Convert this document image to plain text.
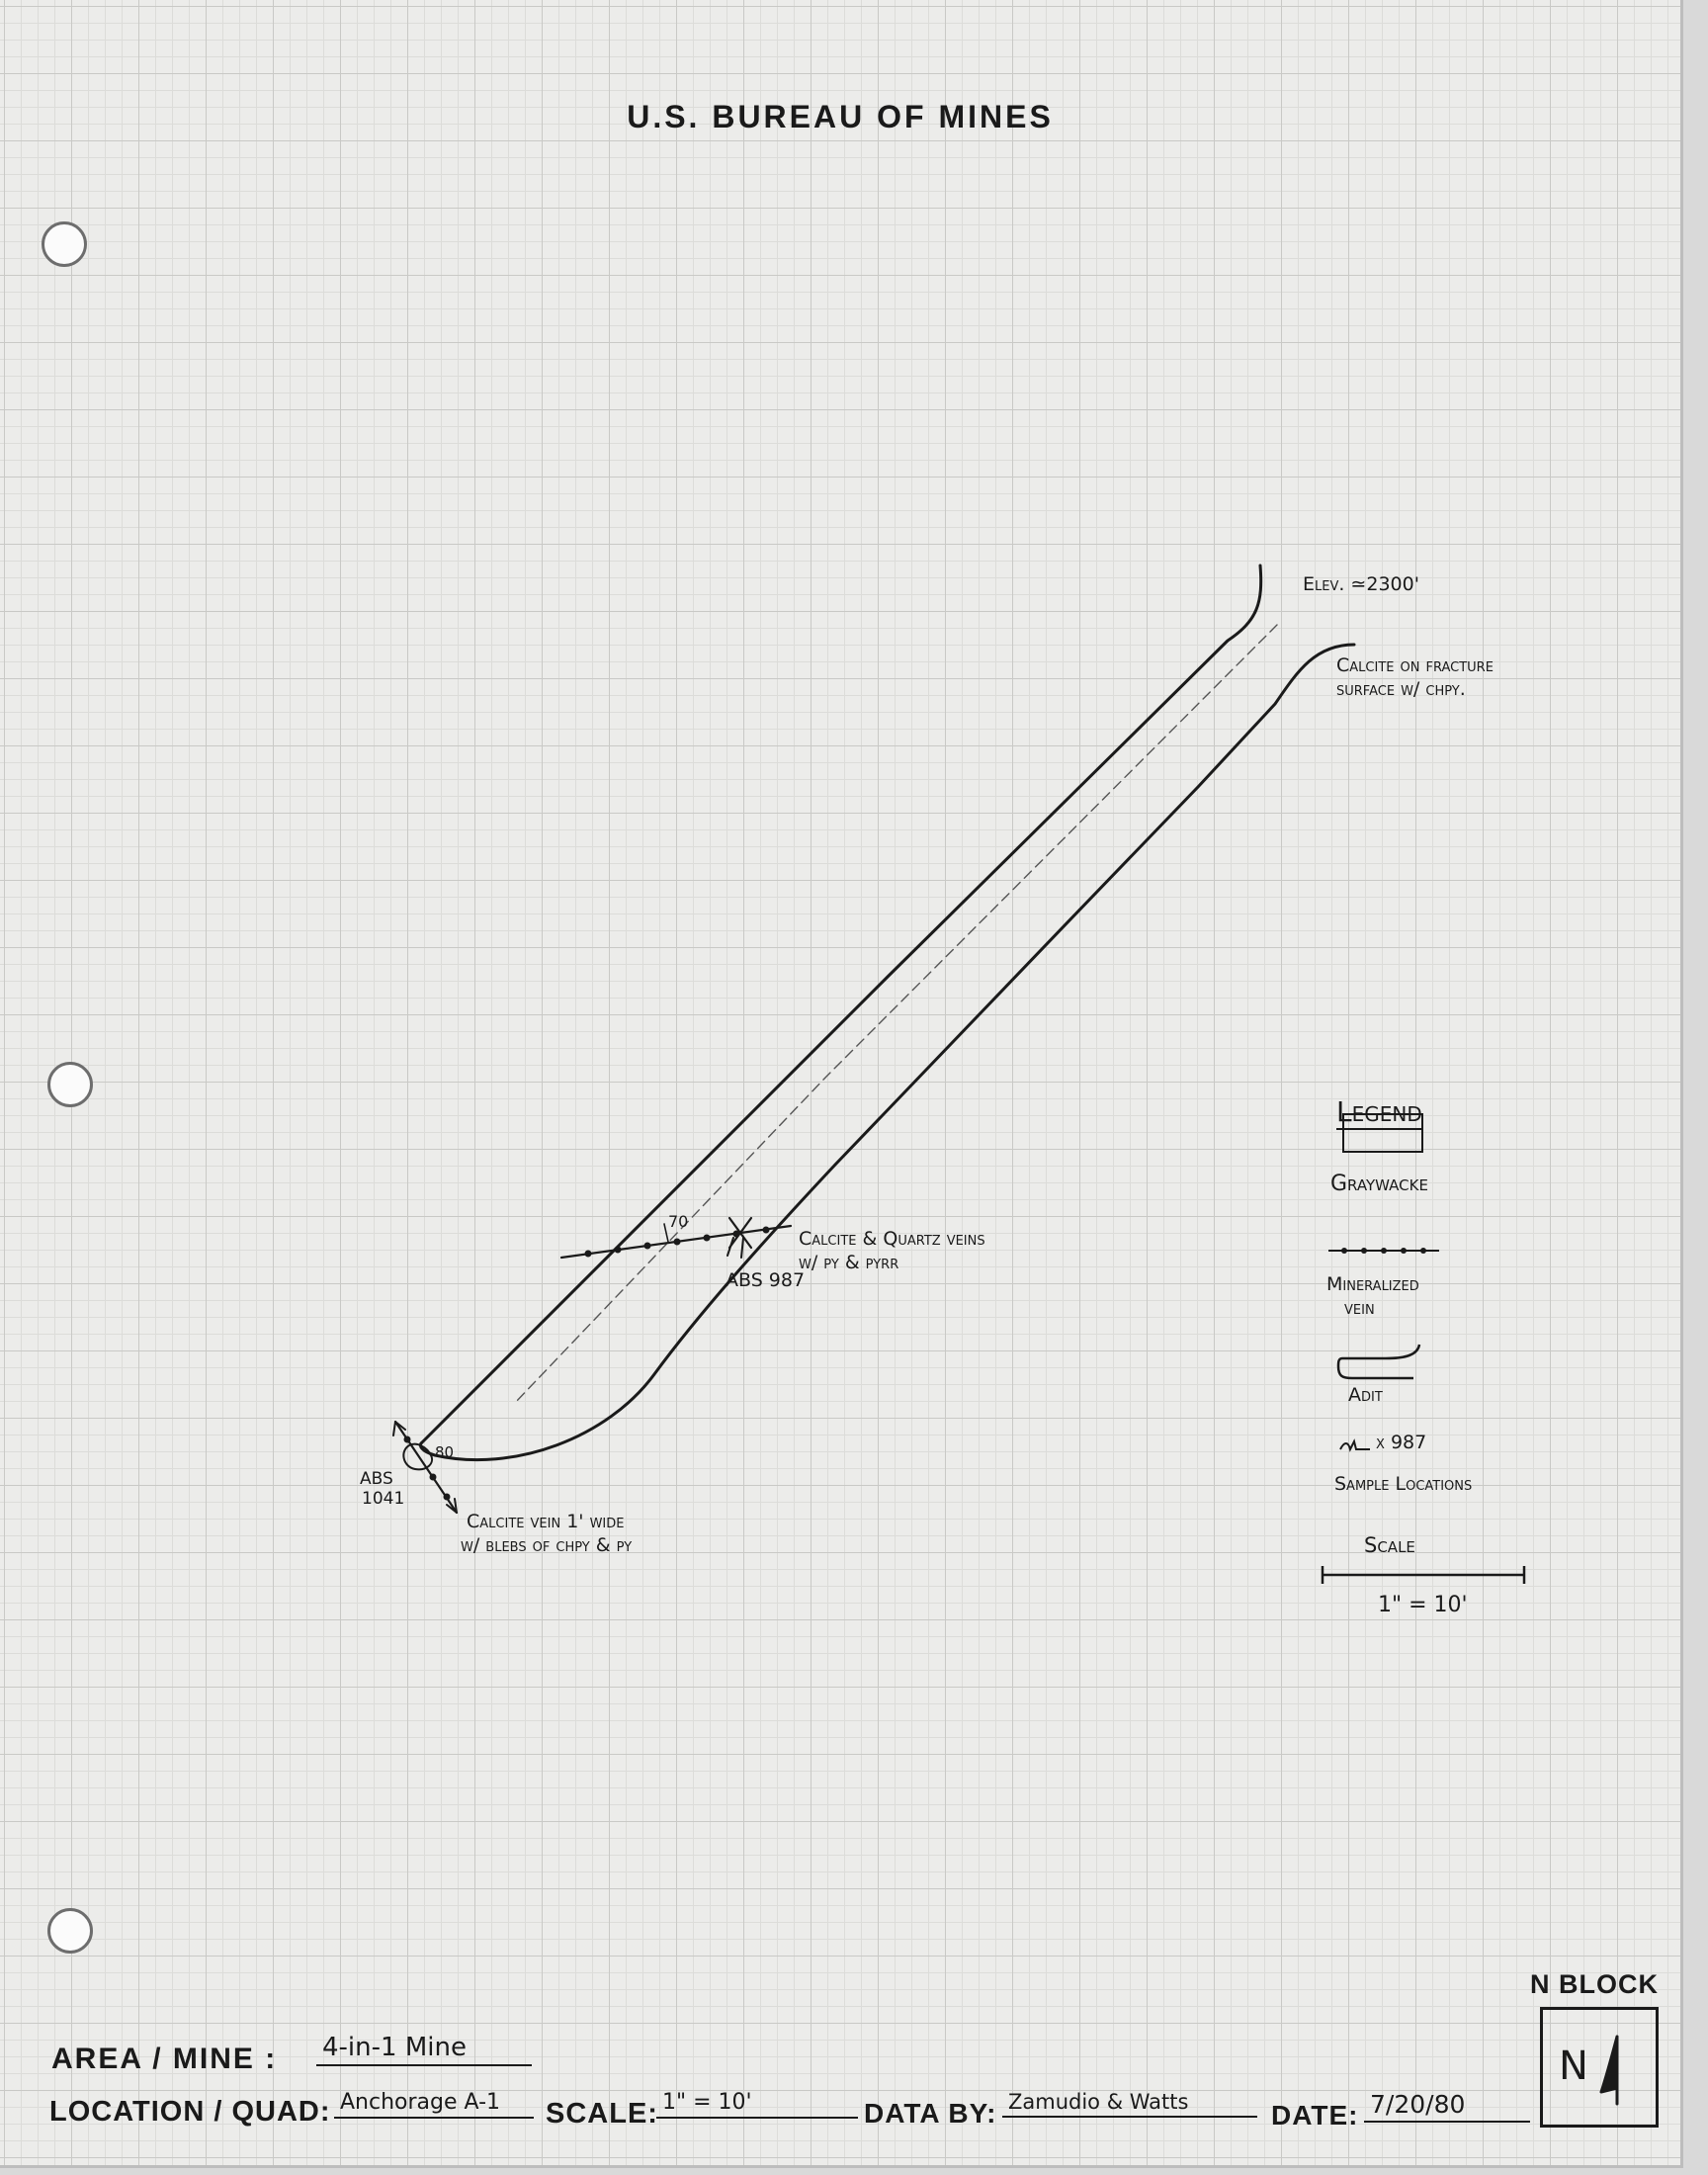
U.S. BUREAU OF MINES
Elev. ≃2300'
Calcite on fracture
surface w/ chpy.
Calcite & Quartz veins
w/ py & pyrr
ABS 987
70
ABS
1041
80
Calcite vein 1' wide
w/ blebs of chpy & py
Legend
Graywacke
Mineralized
vein
Adit
x 987
Sample Locations
Scale
1" = 10'
AREA / MINE : 4-in-1 Mine
LOCATION / QUAD: Anchorage A-1	SCALE: 1" = 10'	DATA BY: Zamudio & Watts	DATE: 7/20/80
N BLOCK
N
